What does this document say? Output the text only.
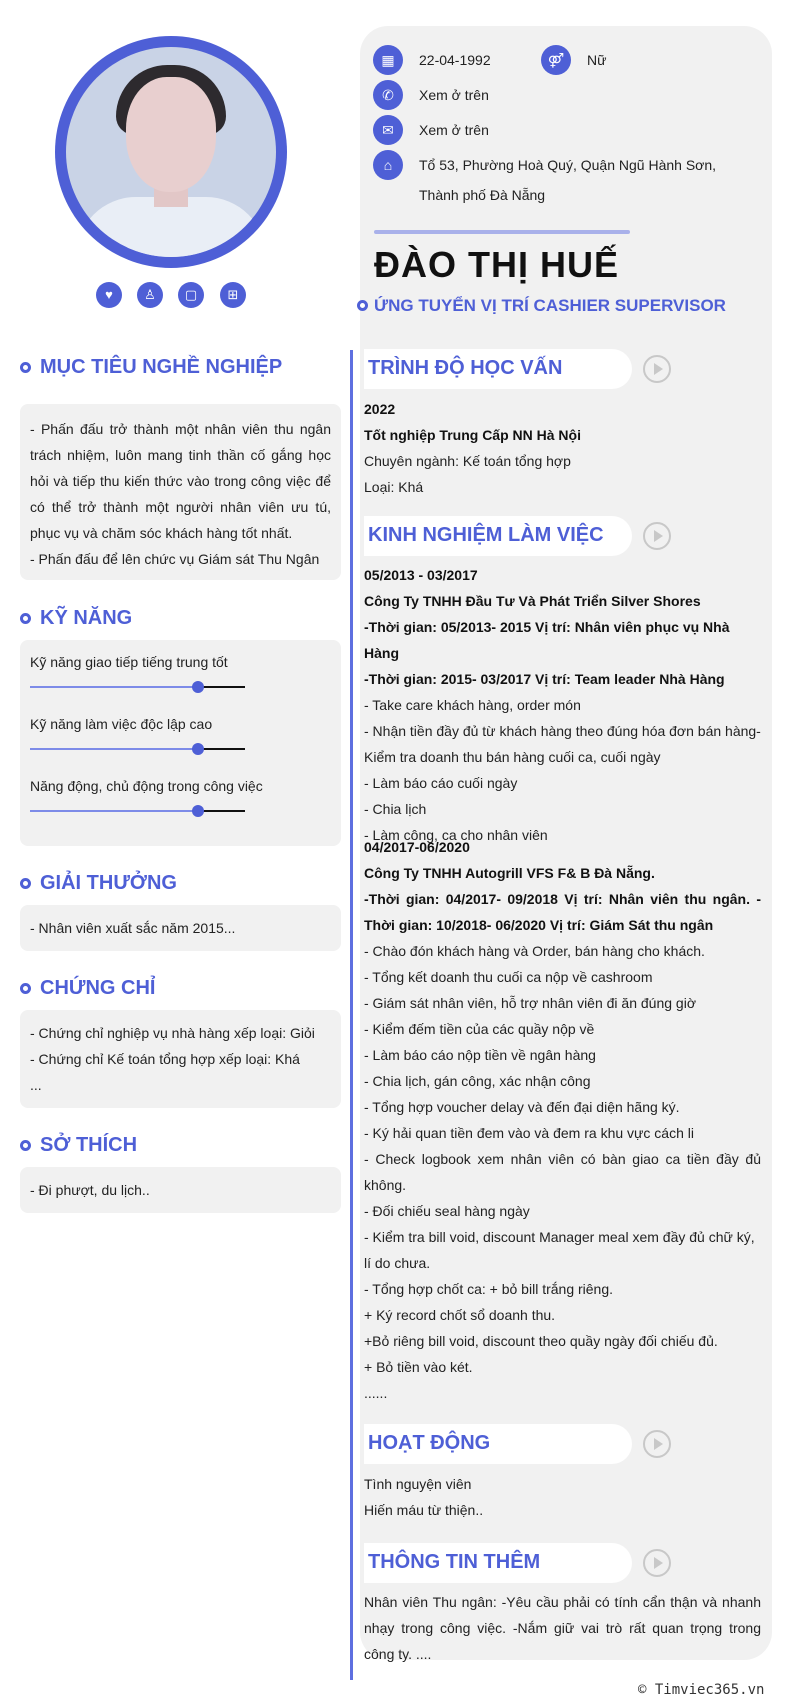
♥	♙	▢	⊞
▦	22-04-1992	⚤	Nữ
✆	Xem ở trên
✉	Xem ở trên
⌂	Tổ 53, Phường Hoà Quý, Quận Ngũ Hành Sơn,
Thành phố Đà Nẵng
ĐÀO THỊ HUẾ
ỨNG TUYỂN VỊ TRÍ CASHIER SUPERVISOR
MỤC TIÊU NGHỀ NGHIỆP
- Phấn đấu trở thành một nhân viên thu ngân trách nhiệm, luôn mang tinh thần cố gắng học hỏi và tiếp thu kiến thức vào trong công việc để có thể trở thành một người nhân viên ưu tú, phục vụ và chăm sóc khách hàng tốt nhất.
- Phấn đấu để lên chức vụ Giám sát Thu Ngân
KỸ NĂNG
Kỹ năng giao tiếp tiếng trung tốt
Kỹ năng làm việc độc lập cao
Năng động, chủ động trong công việc
GIẢI THƯỞNG
- Nhân viên xuất sắc năm 2015...
CHỨNG CHỈ
- Chứng chỉ nghiệp vụ nhà hàng xếp loại: Giỏi
- Chứng chỉ Kế toán tổng hợp xếp loại: Khá
...
SỞ THÍCH
- Đi phượt, du lịch..
TRÌNH ĐỘ HỌC VẤN
2022
Tốt nghiệp Trung Cấp NN Hà Nội
Chuyên ngành: Kế toán tổng hợp
Loại: Khá
KINH NGHIỆM LÀM VIỆC
05/2013 - 03/2017
Công Ty TNHH Đầu Tư Và Phát Triển Silver Shores
-Thời gian: 05/2013- 2015 Vị trí: Nhân viên phục vụ Nhà Hàng
-Thời gian: 2015- 03/2017 Vị trí: Team leader Nhà Hàng
- Take care khách hàng, order món
- Nhận tiền đầy đủ từ khách hàng theo đúng hóa đơn bán hàng- Kiểm tra doanh thu bán hàng cuối ca, cuối ngày
- Làm báo cáo cuối ngày
- Chia lịch
- Làm công, ca cho nhân viên
04/2017-06/2020
Công Ty TNHH Autogrill VFS F& B Đà Nẵng.
-Thời gian: 04/2017- 09/2018 Vị trí: Nhân viên thu ngân. - Thời gian: 10/2018- 06/2020 Vị trí: Giám Sát thu ngân
- Chào đón khách hàng và Order, bán hàng cho khách.
- Tổng kết doanh thu cuối ca nộp về cashroom
- Giám sát nhân viên, hỗ trợ nhân viên đi ăn đúng giờ
- Kiểm đếm tiền của các quầy nộp về
- Làm báo cáo nộp tiền về ngân hàng
- Chia lịch, gán công, xác nhận công
- Tổng hợp voucher delay và đến đại diện hãng ký.
- Ký hải quan tiền đem vào và đem ra khu vực cách li
- Check logbook xem nhân viên có bàn giao ca tiền đầy đủ không.
- Đối chiếu seal hàng ngày
- Kiểm tra bill void, discount Manager meal xem đầy đủ chữ ký, lí do chưa.
- Tổng hợp chốt ca: + bỏ bill trắng riêng.
+ Ký record chốt sổ doanh thu.
+Bỏ riêng bill void, discount theo quầy ngày đối chiếu đủ.
+ Bỏ tiền vào két.
......
HOẠT ĐỘNG
Tình nguyện viên
Hiến máu từ thiện..
THÔNG TIN THÊM
Nhân viên Thu ngân: -Yêu cầu phải có tính cẩn thận và nhanh nhạy trong công việc. -Nắm giữ vai trò rất quan trọng trong công ty. ....
© Timviec365.vn
